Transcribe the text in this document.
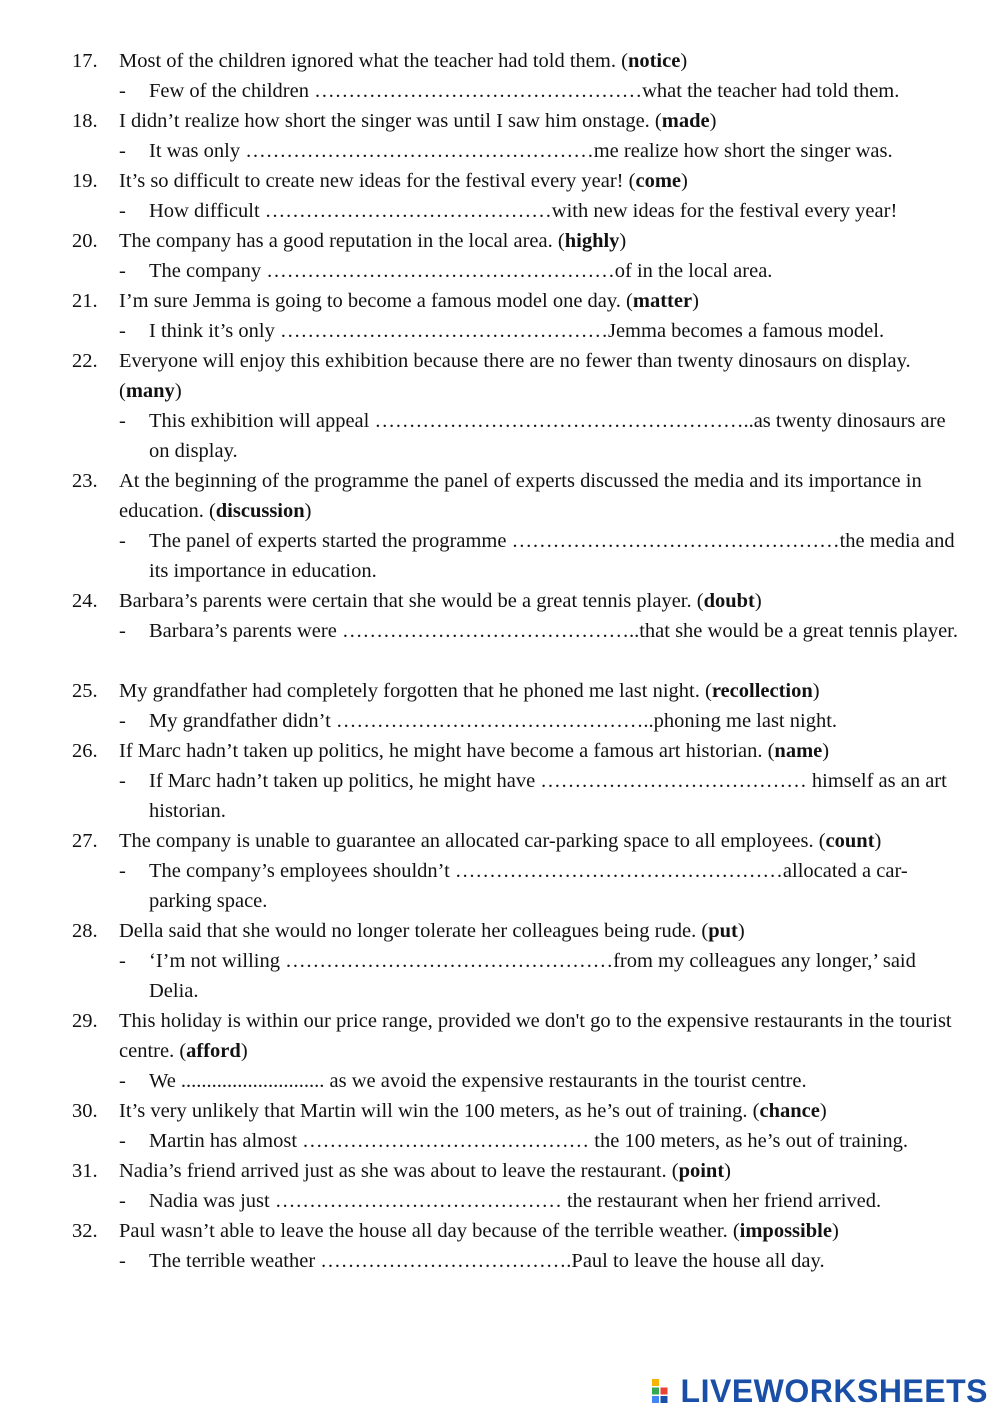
17. Most of the children ignored what the teacher had told them. (notice)
- Few of the children …………………………………………what the teacher had told them.
18. I didn’t realize how short the singer was until I saw him onstage. (made)
- It was only ……………………………………………me realize how short the singer was.
19. It’s so difficult to create new ideas for the festival every year! (come)
- How difficult ……………………………………with new ideas for the festival every year!
20. The company has a good reputation in the local area. (highly)
- The company ……………………………………………of in the local area.
21. I’m sure Jemma is going to become a famous model one day. (matter)
- I think it’s only …………………………………………Jemma becomes a famous model.
22. Everyone will enjoy this exhibition because there are no fewer than twenty dinosaurs on display. (many)
- This exhibition will appeal ………………………………………………..as twenty dinosaurs are on display.
23. At the beginning of the programme the panel of experts discussed the media and its importance in education. (discussion)
- The panel of experts started the programme …………………………………………the media and its importance in education.
24. Barbara’s parents were certain that she would be a great tennis player. (doubt)
- Barbara’s parents were ……………………………………..that she would be a great tennis player.
25. My grandfather had completely forgotten that he phoned me last night. (recollection)
- My grandfather didn’t ………………………………………..phoning me last night.
26. If Marc hadn’t taken up politics, he might have become a famous art historian. (name)
- If Marc hadn’t taken up politics, he might have ………………………………… himself as an art historian.
27. The company is unable to guarantee an allocated car-parking space to all employees. (count)
- The company’s employees shouldn’t …………………………………………allocated a car-parking space.
28. Della said that she would no longer tolerate her colleagues being rude. (put)
- ‘I’m not willing …………………………………………from my colleagues any longer,’ said Delia.
29. This holiday is within our price range, provided we don't go to the expensive restaurants in the tourist centre. (afford)
- We ............................ as we avoid the expensive restaurants in the tourist centre.
30. It’s very unlikely that Martin will win the 100 meters, as he’s out of training. (chance)
- Martin has almost …………………………………… the 100 meters, as he’s out of training.
31. Nadia’s friend arrived just as she was about to leave the restaurant. (point)
- Nadia was just …………………………………… the restaurant when her friend arrived.
32. Paul wasn’t able to leave the house all day because of the terrible weather. (impossible)
- The terrible weather ……………………………….Paul to leave the house all day.
LIVEWORKSHEETS
